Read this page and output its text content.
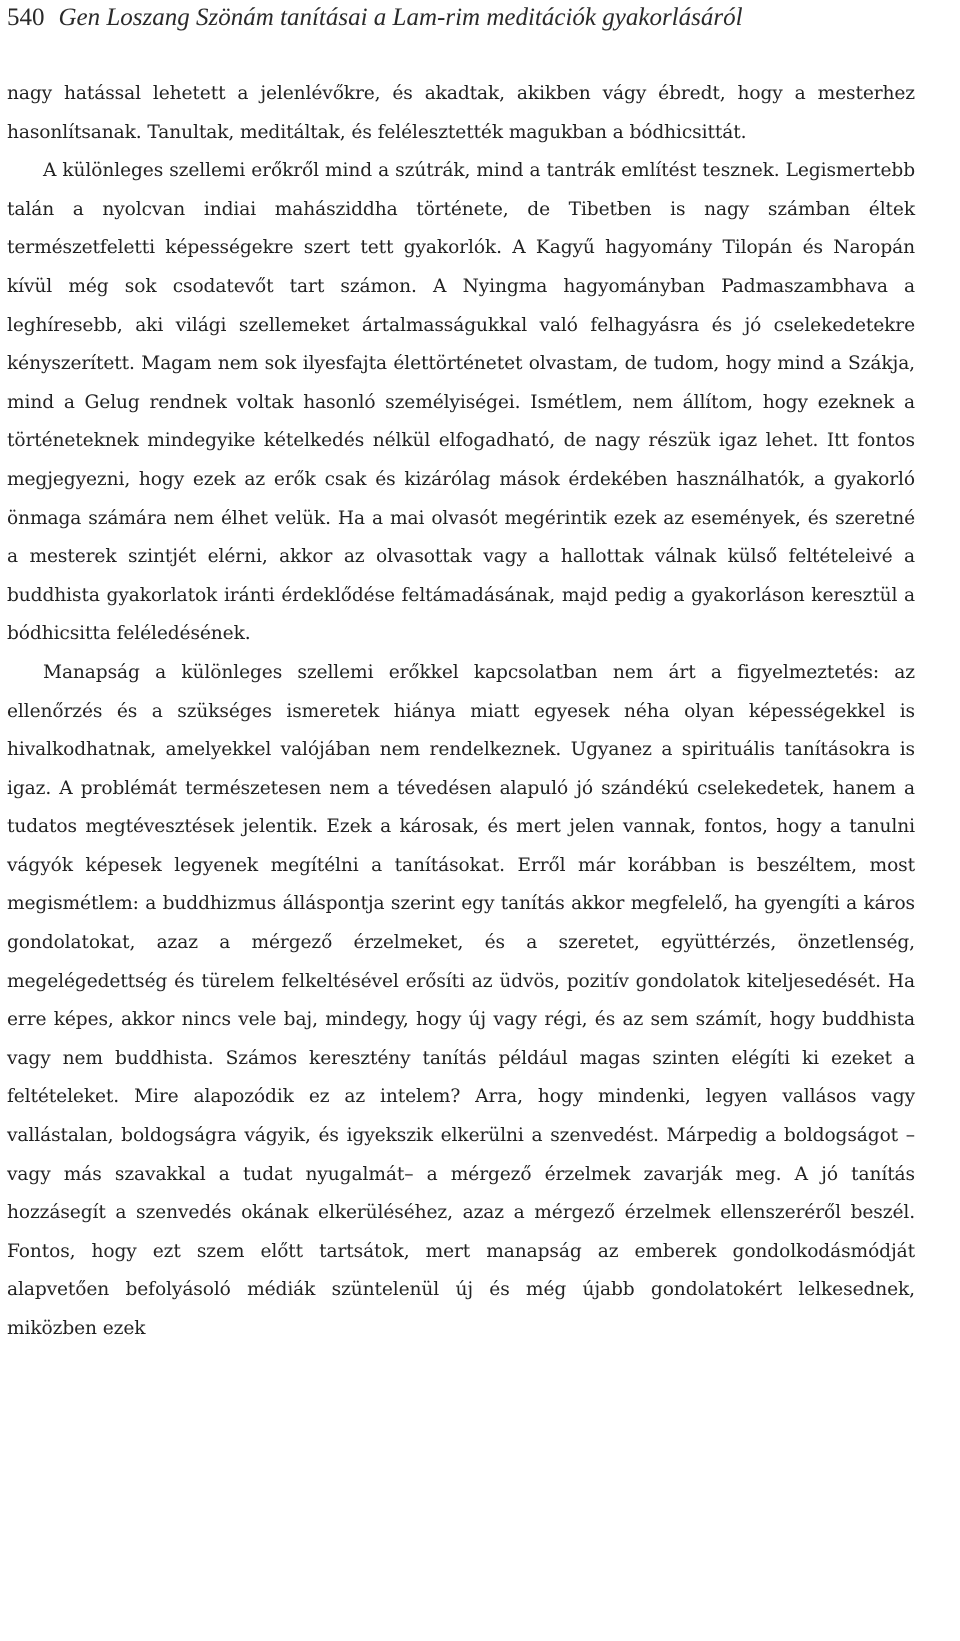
540 Gen Loszang Szönám tanításai a Lam-rim meditációk gyakorlásáról

nagy hatással lehetett a jelenlévőkre, és akadtak, akikben vágy ébredt, hogy a mesterhez hasonlítsanak. Tanultak, meditáltak, és felélesztették magukban a bódhicsittát.

A különleges szellemi erőkről mind a szútrák, mind a tantrák említést tesznek. Legismertebb talán a nyolcvan indiai mahásziddha története, de Tibetben is nagy számban éltek természetfeletti képességekre szert tett gyakorlók. A Kagyű hagyomány Tilopán és Naropán kívül még sok csodatevőt tart számon. A Nyingma hagyományban Padmaszambhava a leghíresebb, aki világi szellemeket ártalmasságukkal való felhagyásra és jó cselekedetekre kényszerített. Magam nem sok ilyesfajta élettörténetet olvastam, de tudom, hogy mind a Szákja, mind a Gelug rendnek voltak hasonló személyiségei. Ismétlem, nem állítom, hogy ezeknek a történeteknek mindegyike kételkedés nélkül elfogadható, de nagy részük igaz lehet. Itt fontos megjegyezni, hogy ezek az erők csak és kizárólag mások érdekében használhatók, a gyakorló önmaga számára nem élhet velük. Ha a mai olvasót megérintik ezek az események, és szeretné a mesterek szintjét elérni, akkor az olvasottak vagy a hallottak válnak külső feltételeivé a buddhista gyakorlatok iránti érdeklődése feltámadásának, majd pedig a gyakorláson keresztül a bódhicsitta feléledésének.

Manapság a különleges szellemi erőkkel kapcsolatban nem árt a figyelmeztetés: az ellenőrzés és a szükséges ismeretek hiánya miatt egyesek néha olyan képességekkel is hivalkodhatnak, amelyekkel valójában nem rendelkeznek. Ugyanez a spirituális tanításokra is igaz. A problémát természetesen nem a tévedésen alapuló jó szándékú cselekedetek, hanem a tudatos megtévesztések jelentik. Ezek a károsak, és mert jelen vannak, fontos, hogy a tanulni vágyók képesek legyenek megítélni a tanításokat. Erről már korábban is beszéltem, most megismétlem: a buddhizmus álláspontja szerint egy tanítás akkor megfelelő, ha gyengíti a káros gondolatokat, azaz a mérgező érzelmeket, és a szeretet, együttérzés, önzetlenség, megelégedettség és türelem felkeltésével erősíti az üdvös, pozitív gondolatok kiteljesedését. Ha erre képes, akkor nincs vele baj, mindegy, hogy új vagy régi, és az sem számít, hogy buddhista vagy nem buddhista. Számos keresztény tanítás például magas szinten elégíti ki ezeket a feltételeket. Mire alapozódik ez az intelem? Arra, hogy mindenki, legyen vallásos vagy vallástalan, boldogságra vágyik, és igyekszik elkerülni a szenvedést. Márpedig a boldogságot – vagy más szavakkal a tudat nyugalmát– a mérgező érzelmek zavarják meg. A jó tanítás hozzásegít a szenvedés okának elkerüléséhez, azaz a mérgező érzelmek ellenszeréről beszél. Fontos, hogy ezt szem előtt tartsátok, mert manapság az emberek gondolkodásmódját alapvetően befolyásoló médiák szüntelenül új és még újabb gondolatokért lelkesednek, miközben ezek
